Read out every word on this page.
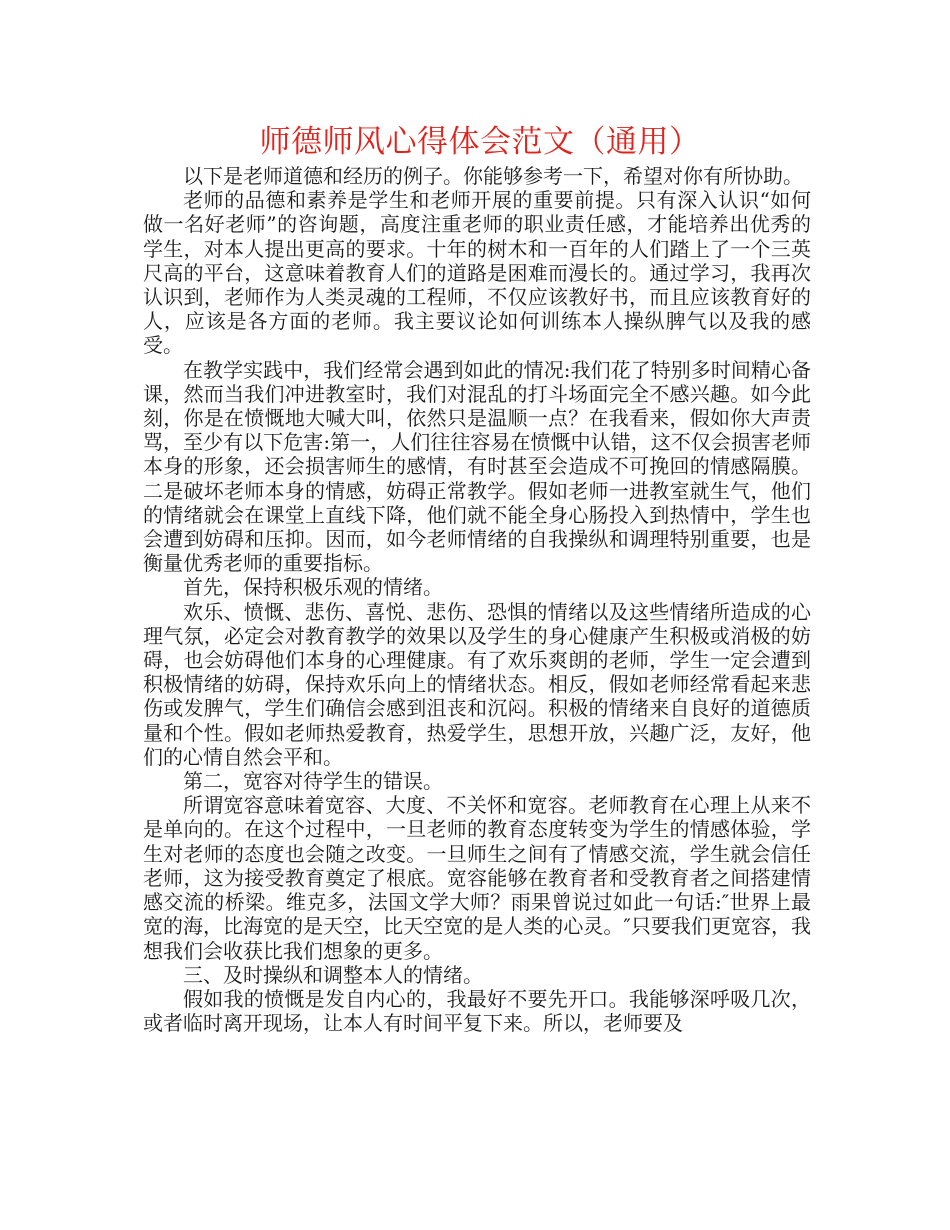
师德师风心得体会范文（通用）

以下是老师道德和经历的例子。你能够参考一下，希望对你有所协助。

老师的品德和素养是学生和老师开展的重要前提。只有深入认识“如何做一名好老师”的咨询题，高度注重老师的职业责任感，才能培养出优秀的学生，对本人提出更高的要求。十年的树木和一百年的人们踏上了一个三英尺高的平台，这意味着教育人们的道路是困难而漫长的。通过学习，我再次认识到，老师作为人类灵魂的工程师，不仅应该教好书，而且应该教育好的人，应该是各方面的老师。我主要议论如何训练本人操纵脾气以及我的感受。

在教学实践中，我们经常会遇到如此的情况:我们花了特别多时间精心备课，然而当我们冲进教室时，我们对混乱的打斗场面完全不感兴趣。如今此刻，你是在愤慨地大喊大叫，依然只是温顺一点？在我看来，假如你大声责骂，至少有以下危害:第一，人们往往容易在愤慨中认错，这不仅会损害老师本身的形象，还会损害师生的感情，有时甚至会造成不可挽回的情感隔膜。二是破坏老师本身的情感，妨碍正常教学。假如老师一进教室就生气，他们的情绪就会在课堂上直线下降，他们就不能全身心肠投入到热情中，学生也会遭到妨碍和压抑。因而，如今老师情绪的自我操纵和调理特别重要，也是衡量优秀老师的重要指标。

首先，保持积极乐观的情绪。

欢乐、愤慨、悲伤、喜悦、悲伤、恐惧的情绪以及这些情绪所造成的心理气氛，必定会对教育教学的效果以及学生的身心健康产生积极或消极的妨碍，也会妨碍他们本身的心理健康。有了欢乐爽朗的老师，学生一定会遭到积极情绪的妨碍，保持欢乐向上的情绪状态。相反，假如老师经常看起来悲伤或发脾气，学生们确信会感到沮丧和沉闷。积极的情绪来自良好的道德质量和个性。假如老师热爱教育，热爱学生，思想开放，兴趣广泛，友好，他们的心情自然会平和。

第二，宽容对待学生的错误。

所谓宽容意味着宽容、大度、不关怀和宽容。老师教育在心理上从来不是单向的。在这个过程中，一旦老师的教育态度转变为学生的情感体验，学生对老师的态度也会随之改变。一旦师生之间有了情感交流，学生就会信任老师，这为接受教育奠定了根底。宽容能够在教育者和受教育者之间搭建情感交流的桥梁。维克多，法国文学大师？雨果曾说过如此一句话:″世界上最宽的海，比海宽的是天空，比天空宽的是人类的心灵。″只要我们更宽容，我想我们会收获比我们想象的更多。

三、及时操纵和调整本人的情绪。

假如我的愤慨是发自内心的，我最好不要先开口。我能够深呼吸几次，或者临时离开现场，让本人有时间平复下来。所以，老师要及
